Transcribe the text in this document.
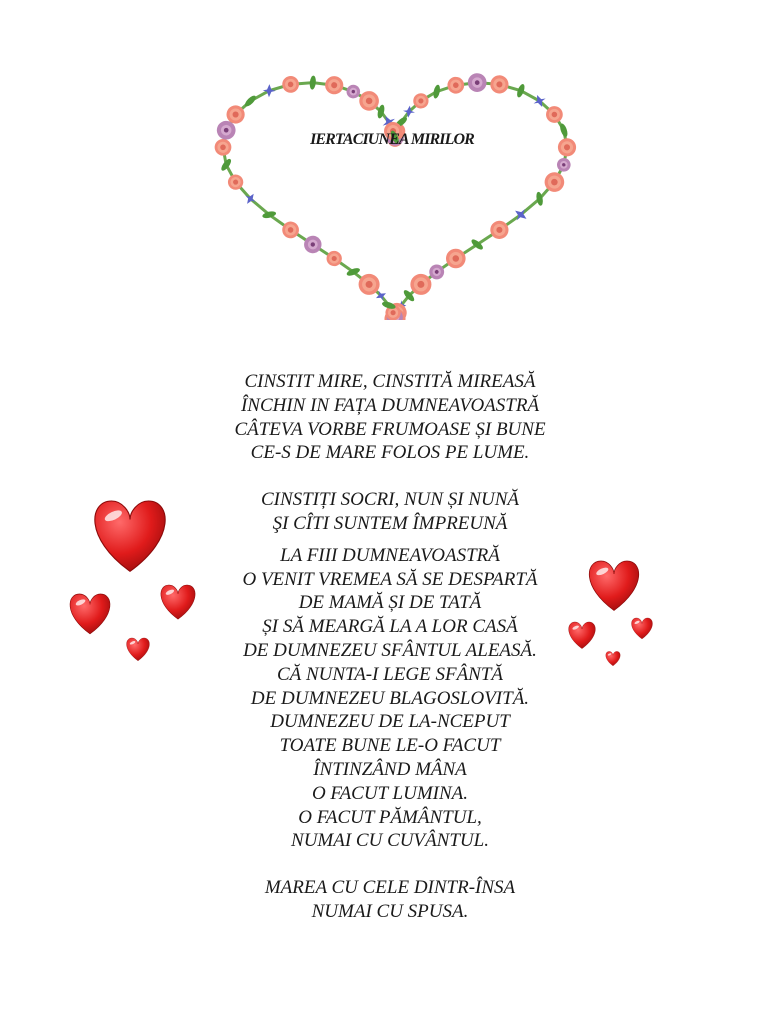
IERTACIUNEA MIRILOR
CINSTIT MIRE, CINSTITĂ MIREASĂ
ÎNCHIN IN FAȚA DUMNEAVOASTRĂ
CÂTEVA VORBE FRUMOASE ȘI BUNE
CE-S DE MARE FOLOS PE LUME.
CINSTIȚI SOCRI, NUN ȘI NUNĂ
ŞI CÎTI SUNTEM ÎMPREUNĂ
LA FIII DUMNEAVOASTRĂ
O VENIT VREMEA SĂ SE DESPARTĂ
DE MAMĂ ȘI DE TATĂ
ȘI SĂ MEARGĂ LA A LOR CASĂ
DE DUMNEZEU SFÂNTUL ALEASĂ.
CĂ NUNTA-I LEGE SFÂNTĂ
DE DUMNEZEU BLAGOSLOVITĂ.
DUMNEZEU DE LA-NCEPUT
TOATE BUNE LE-O FACUT
ÎNTINZÂND MÂNA
O FACUT LUMINA.
O FACUT PĂMÂNTUL,
NUMAI CU CUVÂNTUL.
MAREA CU CELE DINTR-ÎNSA
NUMAI CU SPUSA.
